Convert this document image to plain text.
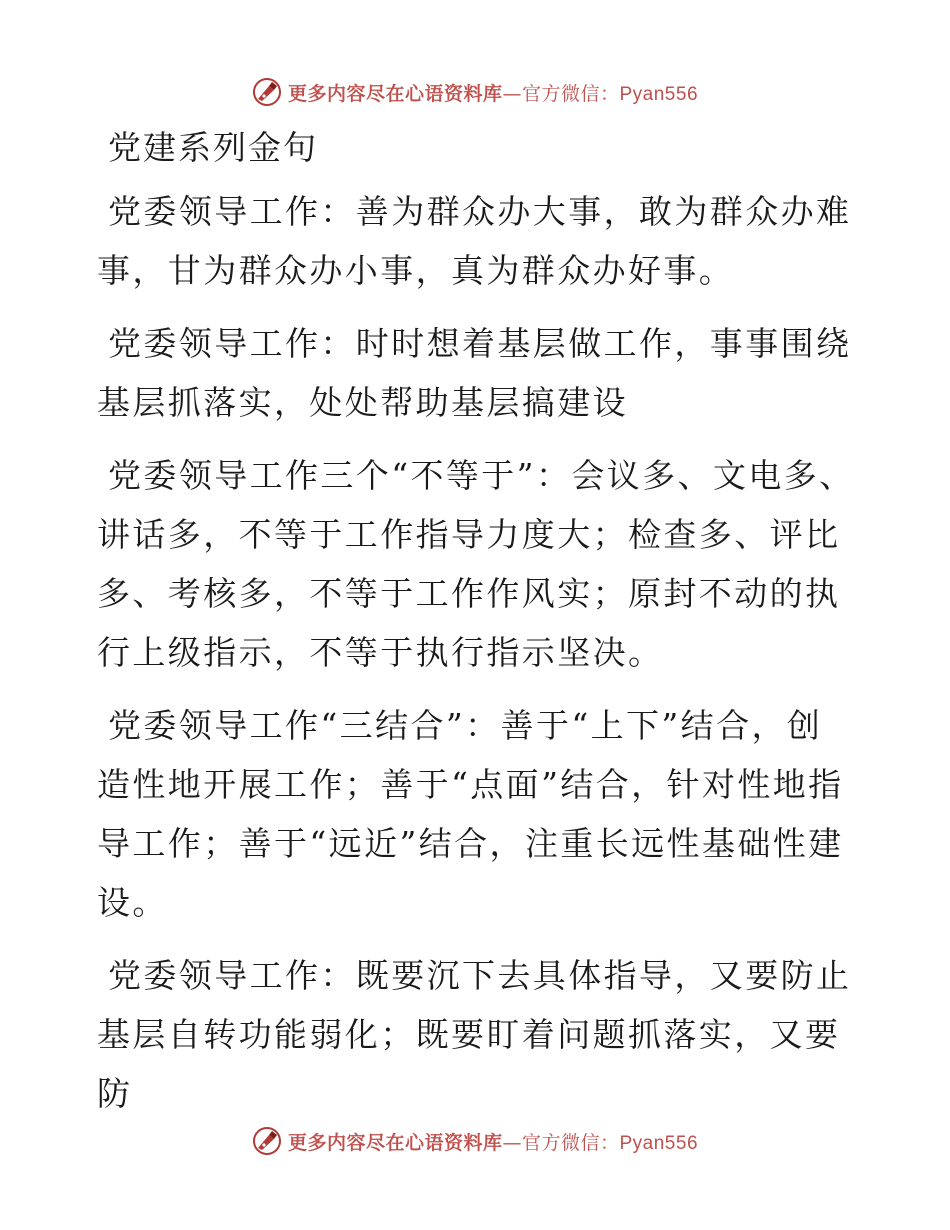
更多内容尽在心语资料库—官方微信：Pyan556
党建系列金句

党委领导工作：善为群众办大事，敢为群众办难事，甘为群众办小事，真为群众办好事。

党委领导工作：时时想着基层做工作，事事围绕基层抓落实，处处帮助基层搞建设

党委领导工作三个“不等于”：会议多、文电多、讲话多，不等于工作指导力度大；检查多、评比多、考核多，不等于工作作风实；原封不动的执行上级指示，不等于执行指示坚决。

党委领导工作“三结合”：善于“上下”结合，创造性地开展工作；善于“点面”结合，针对性地指导工作；善于“远近”结合，注重长远性基础性建设。

党委领导工作：既要沉下去具体指导，又要防止基层自转功能弱化；既要盯着问题抓落实，又要防

更多内容尽在心语资料库—官方微信：Pyan556
